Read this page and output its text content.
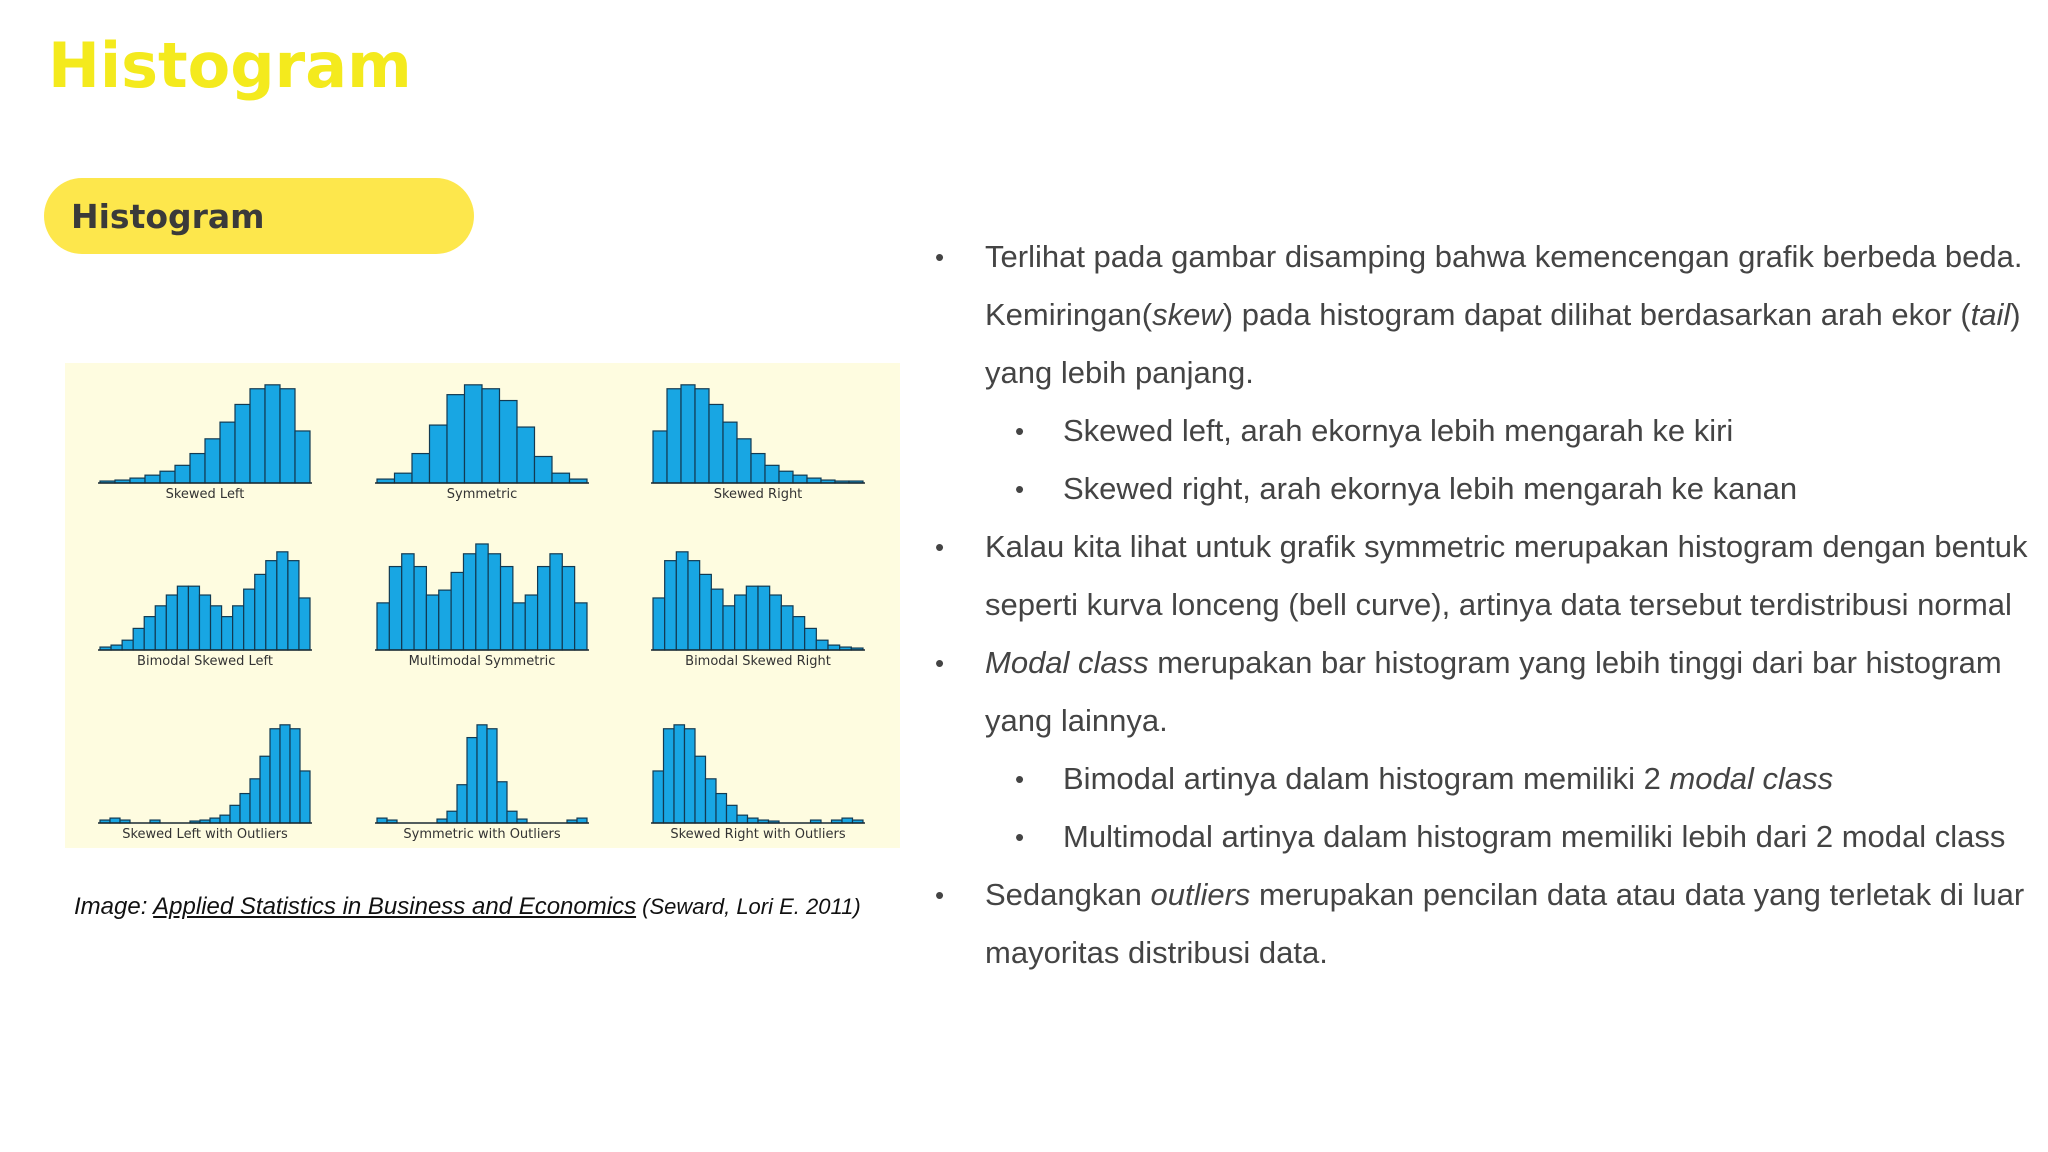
Histogram
Histogram
Skewed Left	Symmetric	Skewed Right
Bimodal Skewed Left	Multimodal Symmetric	Bimodal Skewed Right
Skewed Left with Outliers	Symmetric with Outliers	Skewed Right with Outliers
Image: Applied Statistics in Business and Economics (Seward, Lori E. 2011)
• Terlihat pada gambar disamping bahwa kemencengan grafik berbeda beda. Kemiringan(skew) pada histogram dapat dilihat berdasarkan arah ekor (tail) yang lebih panjang.
• Skewed left, arah ekornya lebih mengarah ke kiri
• Skewed right, arah ekornya lebih mengarah ke kanan
• Kalau kita lihat untuk grafik symmetric merupakan histogram dengan bentuk seperti kurva lonceng (bell curve), artinya data tersebut terdistribusi normal
• Modal class merupakan bar histogram yang lebih tinggi dari bar histogram yang lainnya.
• Bimodal artinya dalam histogram memiliki 2 modal class
• Multimodal artinya dalam histogram memiliki lebih dari 2 modal class
• Sedangkan outliers merupakan pencilan data atau data yang terletak di luar mayoritas distribusi data.
